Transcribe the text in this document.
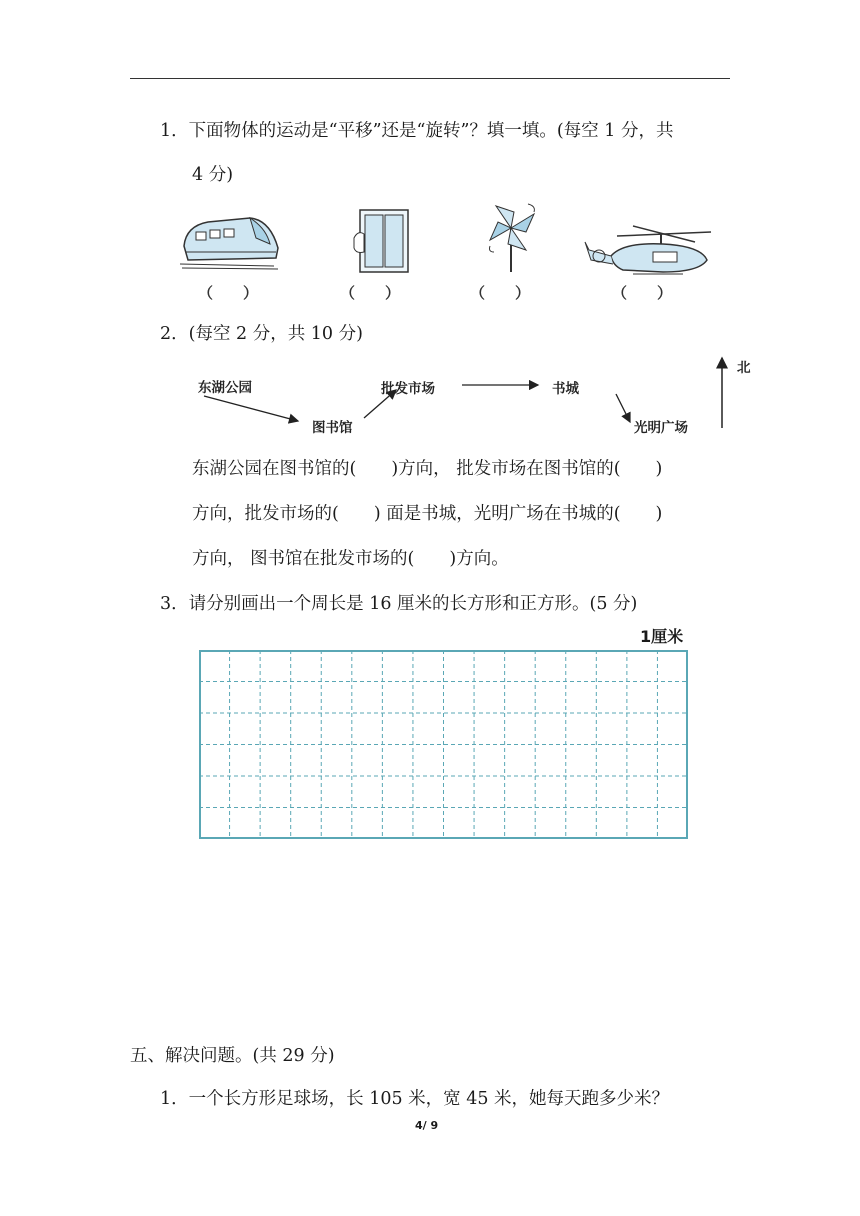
1．下面物体的运动是“平移”还是“旋转”？填一填。(每空 1 分，共
4 分)
（　　）	（　　）	（　　）	（　　）
2．(每空 2 分，共 10 分)
东湖公园
图书馆
批发市场	书城
光明广场
北
东湖公园在图书馆的(　　)方向， 批发市场在图书馆的(　　)
方向，批发市场的(　　) 面是书城，光明广场在书城的(　　)
方向， 图书馆在批发市场的(　　)方向。
3．请分别画出一个周长是 16 厘米的长方形和正方形。(5 分)
1厘米
五、解决问题。(共 29 分)
1．一个长方形足球场，长 105 米，宽 45 米，她每天跑多少米？
4/ 9
